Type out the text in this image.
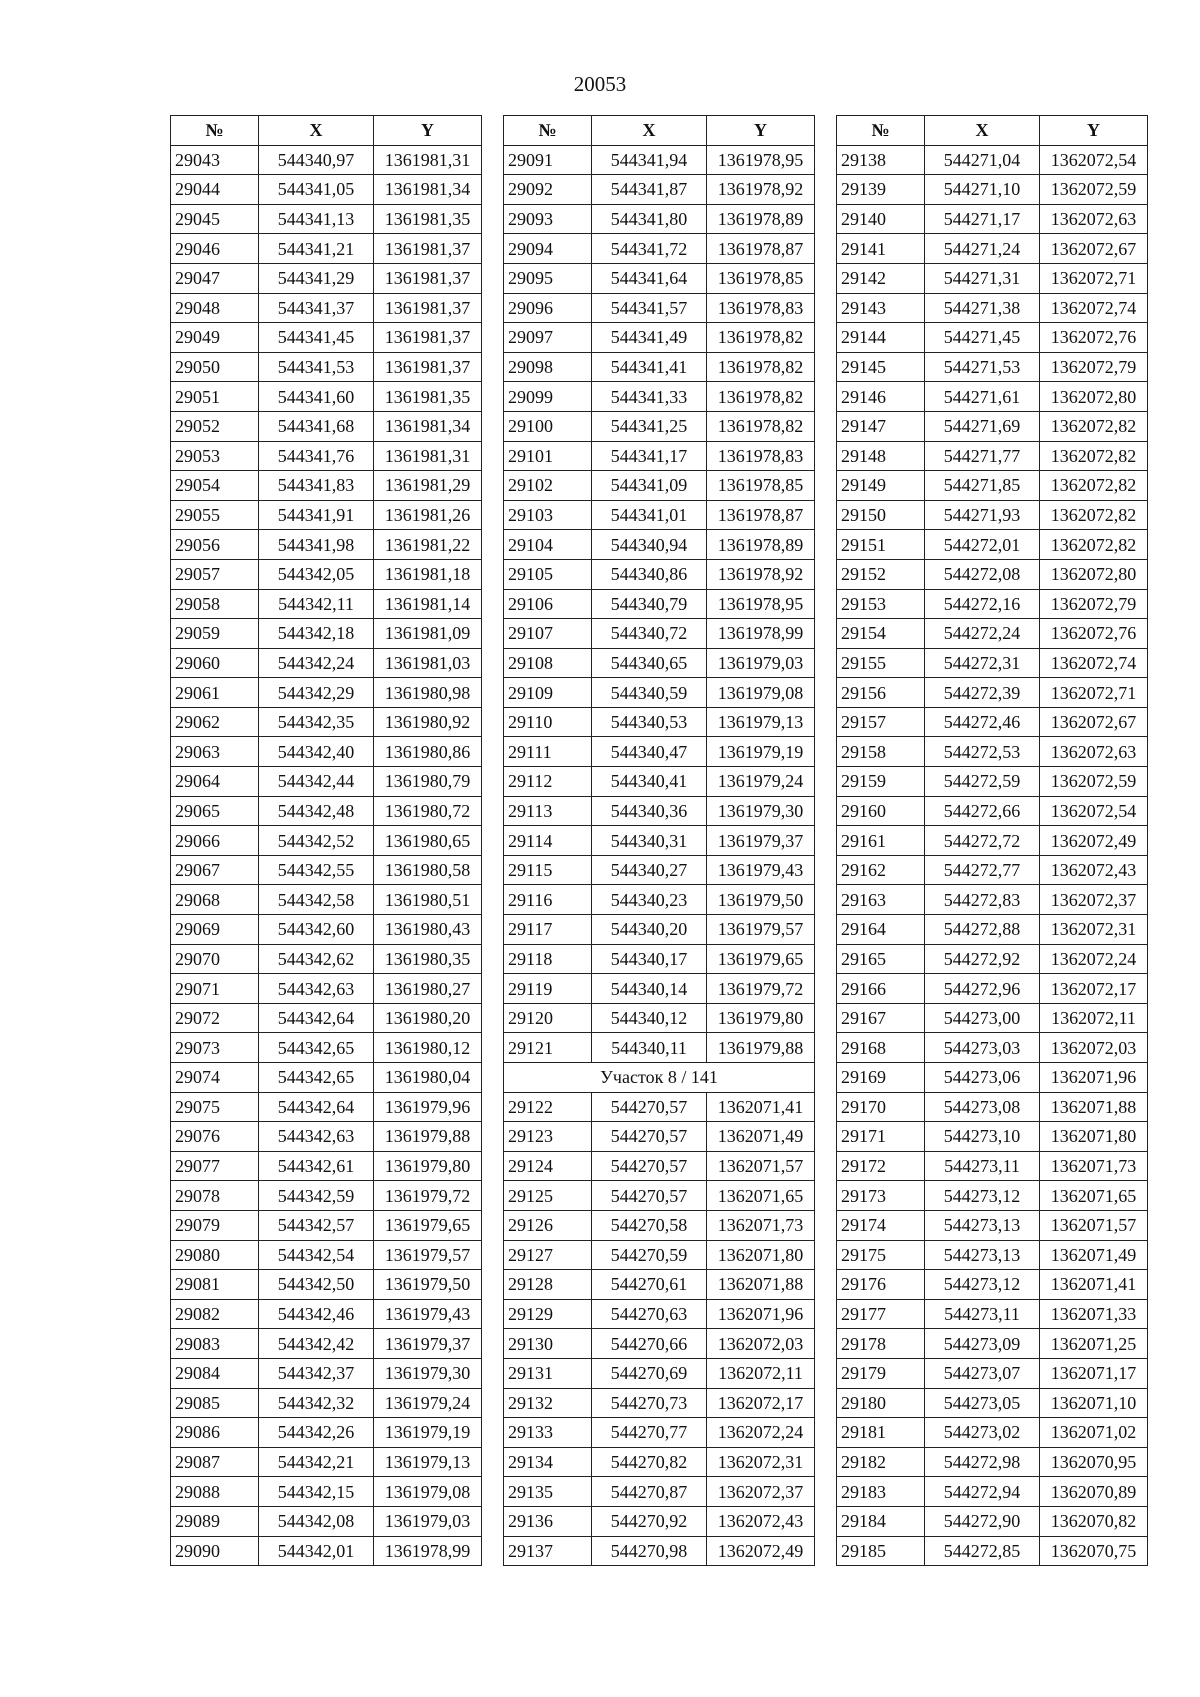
20053
№	X	Y
29043	544340,97	1361981,31
29044	544341,05	1361981,34
29045	544341,13	1361981,35
29046	544341,21	1361981,37
29047	544341,29	1361981,37
29048	544341,37	1361981,37
29049	544341,45	1361981,37
29050	544341,53	1361981,37
29051	544341,60	1361981,35
29052	544341,68	1361981,34
29053	544341,76	1361981,31
29054	544341,83	1361981,29
29055	544341,91	1361981,26
29056	544341,98	1361981,22
29057	544342,05	1361981,18
29058	544342,11	1361981,14
29059	544342,18	1361981,09
29060	544342,24	1361981,03
29061	544342,29	1361980,98
29062	544342,35	1361980,92
29063	544342,40	1361980,86
29064	544342,44	1361980,79
29065	544342,48	1361980,72
29066	544342,52	1361980,65
29067	544342,55	1361980,58
29068	544342,58	1361980,51
29069	544342,60	1361980,43
29070	544342,62	1361980,35
29071	544342,63	1361980,27
29072	544342,64	1361980,20
29073	544342,65	1361980,12
29074	544342,65	1361980,04
29075	544342,64	1361979,96
29076	544342,63	1361979,88
29077	544342,61	1361979,80
29078	544342,59	1361979,72
29079	544342,57	1361979,65
29080	544342,54	1361979,57
29081	544342,50	1361979,50
29082	544342,46	1361979,43
29083	544342,42	1361979,37
29084	544342,37	1361979,30
29085	544342,32	1361979,24
29086	544342,26	1361979,19
29087	544342,21	1361979,13
29088	544342,15	1361979,08
29089	544342,08	1361979,03
29090	544342,01	1361978,99
№	X	Y
29091	544341,94	1361978,95
29092	544341,87	1361978,92
29093	544341,80	1361978,89
29094	544341,72	1361978,87
29095	544341,64	1361978,85
29096	544341,57	1361978,83
29097	544341,49	1361978,82
29098	544341,41	1361978,82
29099	544341,33	1361978,82
29100	544341,25	1361978,82
29101	544341,17	1361978,83
29102	544341,09	1361978,85
29103	544341,01	1361978,87
29104	544340,94	1361978,89
29105	544340,86	1361978,92
29106	544340,79	1361978,95
29107	544340,72	1361978,99
29108	544340,65	1361979,03
29109	544340,59	1361979,08
29110	544340,53	1361979,13
29111	544340,47	1361979,19
29112	544340,41	1361979,24
29113	544340,36	1361979,30
29114	544340,31	1361979,37
29115	544340,27	1361979,43
29116	544340,23	1361979,50
29117	544340,20	1361979,57
29118	544340,17	1361979,65
29119	544340,14	1361979,72
29120	544340,12	1361979,80
29121	544340,11	1361979,88
Участок 8 / 141		
29122	544270,57	1362071,41
29123	544270,57	1362071,49
29124	544270,57	1362071,57
29125	544270,57	1362071,65
29126	544270,58	1362071,73
29127	544270,59	1362071,80
29128	544270,61	1362071,88
29129	544270,63	1362071,96
29130	544270,66	1362072,03
29131	544270,69	1362072,11
29132	544270,73	1362072,17
29133	544270,77	1362072,24
29134	544270,82	1362072,31
29135	544270,87	1362072,37
29136	544270,92	1362072,43
29137	544270,98	1362072,49
№	X	Y
29138	544271,04	1362072,54
29139	544271,10	1362072,59
29140	544271,17	1362072,63
29141	544271,24	1362072,67
29142	544271,31	1362072,71
29143	544271,38	1362072,74
29144	544271,45	1362072,76
29145	544271,53	1362072,79
29146	544271,61	1362072,80
29147	544271,69	1362072,82
29148	544271,77	1362072,82
29149	544271,85	1362072,82
29150	544271,93	1362072,82
29151	544272,01	1362072,82
29152	544272,08	1362072,80
29153	544272,16	1362072,79
29154	544272,24	1362072,76
29155	544272,31	1362072,74
29156	544272,39	1362072,71
29157	544272,46	1362072,67
29158	544272,53	1362072,63
29159	544272,59	1362072,59
29160	544272,66	1362072,54
29161	544272,72	1362072,49
29162	544272,77	1362072,43
29163	544272,83	1362072,37
29164	544272,88	1362072,31
29165	544272,92	1362072,24
29166	544272,96	1362072,17
29167	544273,00	1362072,11
29168	544273,03	1362072,03
29169	544273,06	1362071,96
29170	544273,08	1362071,88
29171	544273,10	1362071,80
29172	544273,11	1362071,73
29173	544273,12	1362071,65
29174	544273,13	1362071,57
29175	544273,13	1362071,49
29176	544273,12	1362071,41
29177	544273,11	1362071,33
29178	544273,09	1362071,25
29179	544273,07	1362071,17
29180	544273,05	1362071,10
29181	544273,02	1362071,02
29182	544272,98	1362070,95
29183	544272,94	1362070,89
29184	544272,90	1362070,82
29185	544272,85	1362070,75
